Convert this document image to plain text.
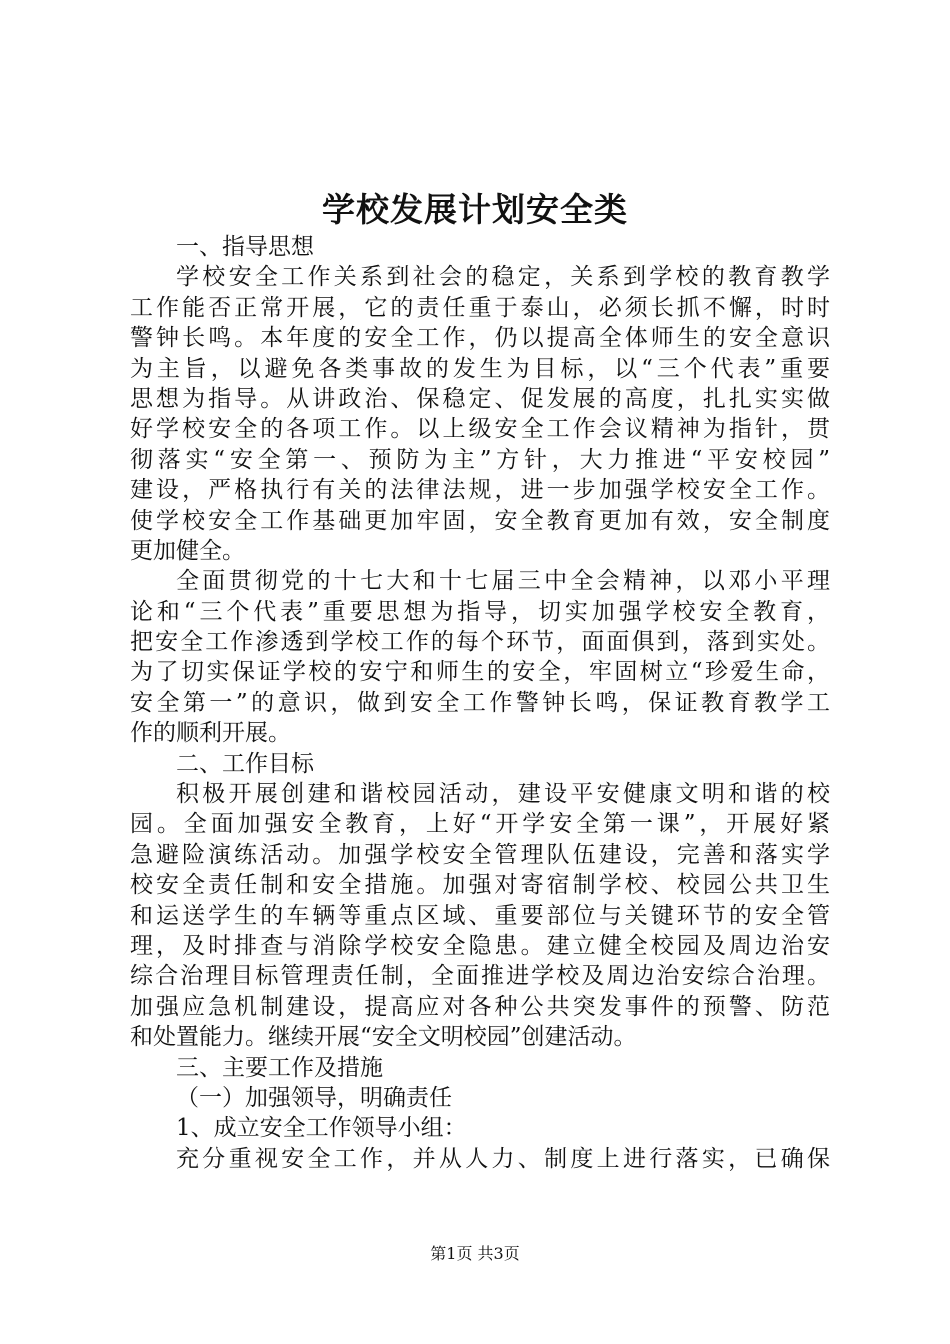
学校发展计划安全类
一、指导思想
学校安全工作关系到社会的稳定，关系到学校的教育教学
工作能否正常开展，它的责任重于泰山，必须长抓不懈，时时
警钟长鸣。本年度的安全工作，仍以提高全体师生的安全意识
为主旨，以避免各类事故的发生为目标，以“三个代表”重要
思想为指导。从讲政治、保稳定、促发展的高度，扎扎实实做
好学校安全的各项工作。以上级安全工作会议精神为指针，贯
彻落实“安全第一、预防为主”方针，大力推进“平安校园”
建设，严格执行有关的法律法规，进一步加强学校安全工作。
使学校安全工作基础更加牢固，安全教育更加有效，安全制度
更加健全。
全面贯彻党的十七大和十七届三中全会精神，以邓小平理
论和“三个代表”重要思想为指导，切实加强学校安全教育，
把安全工作渗透到学校工作的每个环节，面面俱到，落到实处。
为了切实保证学校的安宁和师生的安全，牢固树立“珍爱生命，
安全第一”的意识，做到安全工作警钟长鸣，保证教育教学工
作的顺利开展。
二、工作目标
积极开展创建和谐校园活动，建设平安健康文明和谐的校
园。全面加强安全教育，上好“开学安全第一课”，开展好紧
急避险演练活动。加强学校安全管理队伍建设，完善和落实学
校安全责任制和安全措施。加强对寄宿制学校、校园公共卫生
和运送学生的车辆等重点区域、重要部位与关键环节的安全管
理，及时排查与消除学校安全隐患。建立健全校园及周边治安
综合治理目标管理责任制，全面推进学校及周边治安综合治理。
加强应急机制建设，提高应对各种公共突发事件的预警、防范
和处置能力。继续开展“安全文明校园”创建活动。
三、主要工作及措施
（一）加强领导，明确责任
1、成立安全工作领导小组：
充分重视安全工作，并从人力、制度上进行落实，已确保
第1页 共3页
